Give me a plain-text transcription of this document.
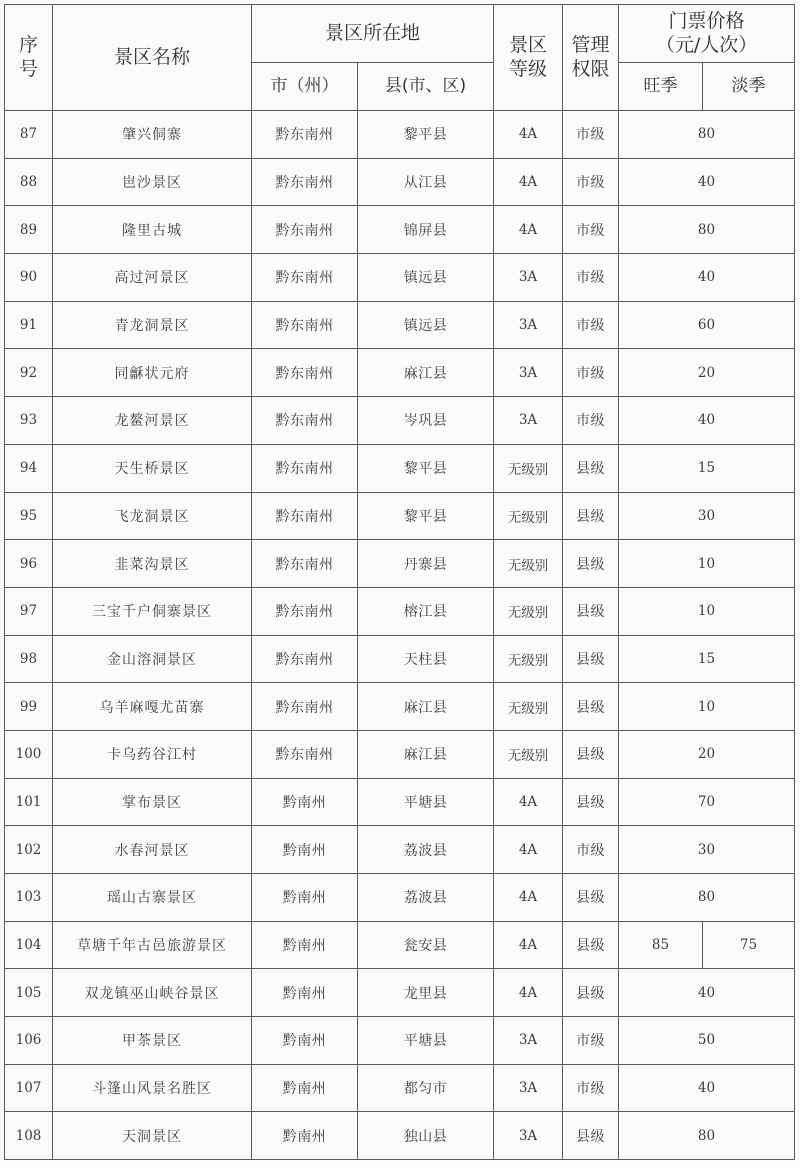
序号	景区名称	景区所在地		景区等级	管理权限	门票价格（元/人次）	
		市（州）	县(市、区)			旺季	淡季
87	肇兴侗寨	黔东南州	黎平县	4A	市级	80	
88	岜沙景区	黔东南州	从江县	4A	市级	40	
89	隆里古城	黔东南州	锦屏县	4A	市级	80	
90	高过河景区	黔东南州	镇远县	3A	市级	40	
91	青龙洞景区	黔东南州	镇远县	3A	市级	60	
92	同龢状元府	黔东南州	麻江县	3A	市级	20	
93	龙鳌河景区	黔东南州	岑巩县	3A	市级	40	
94	天生桥景区	黔东南州	黎平县	无级别	县级	15	
95	飞龙洞景区	黔东南州	黎平县	无级别	县级	30	
96	韭菜沟景区	黔东南州	丹寨县	无级别	县级	10	
97	三宝千户侗寨景区	黔东南州	榕江县	无级别	县级	10	
98	金山溶洞景区	黔东南州	天柱县	无级别	县级	15	
99	乌羊麻嘎尤苗寨	黔东南州	麻江县	无级别	县级	10	
100	卡乌药谷江村	黔东南州	麻江县	无级别	县级	20	
101	掌布景区	黔南州	平塘县	4A	县级	70	
102	水春河景区	黔南州	荔波县	4A	市级	30	
103	瑶山古寨景区	黔南州	荔波县	4A	县级	80	
104	草塘千年古邑旅游景区	黔南州	瓮安县	4A	县级	85	75
105	双龙镇巫山峡谷景区	黔南州	龙里县	4A	县级	40	
106	甲茶景区	黔南州	平塘县	3A	市级	50	
107	斗篷山风景名胜区	黔南州	都匀市	3A	市级	40	
108	天洞景区	黔南州	独山县	3A	县级	80	
